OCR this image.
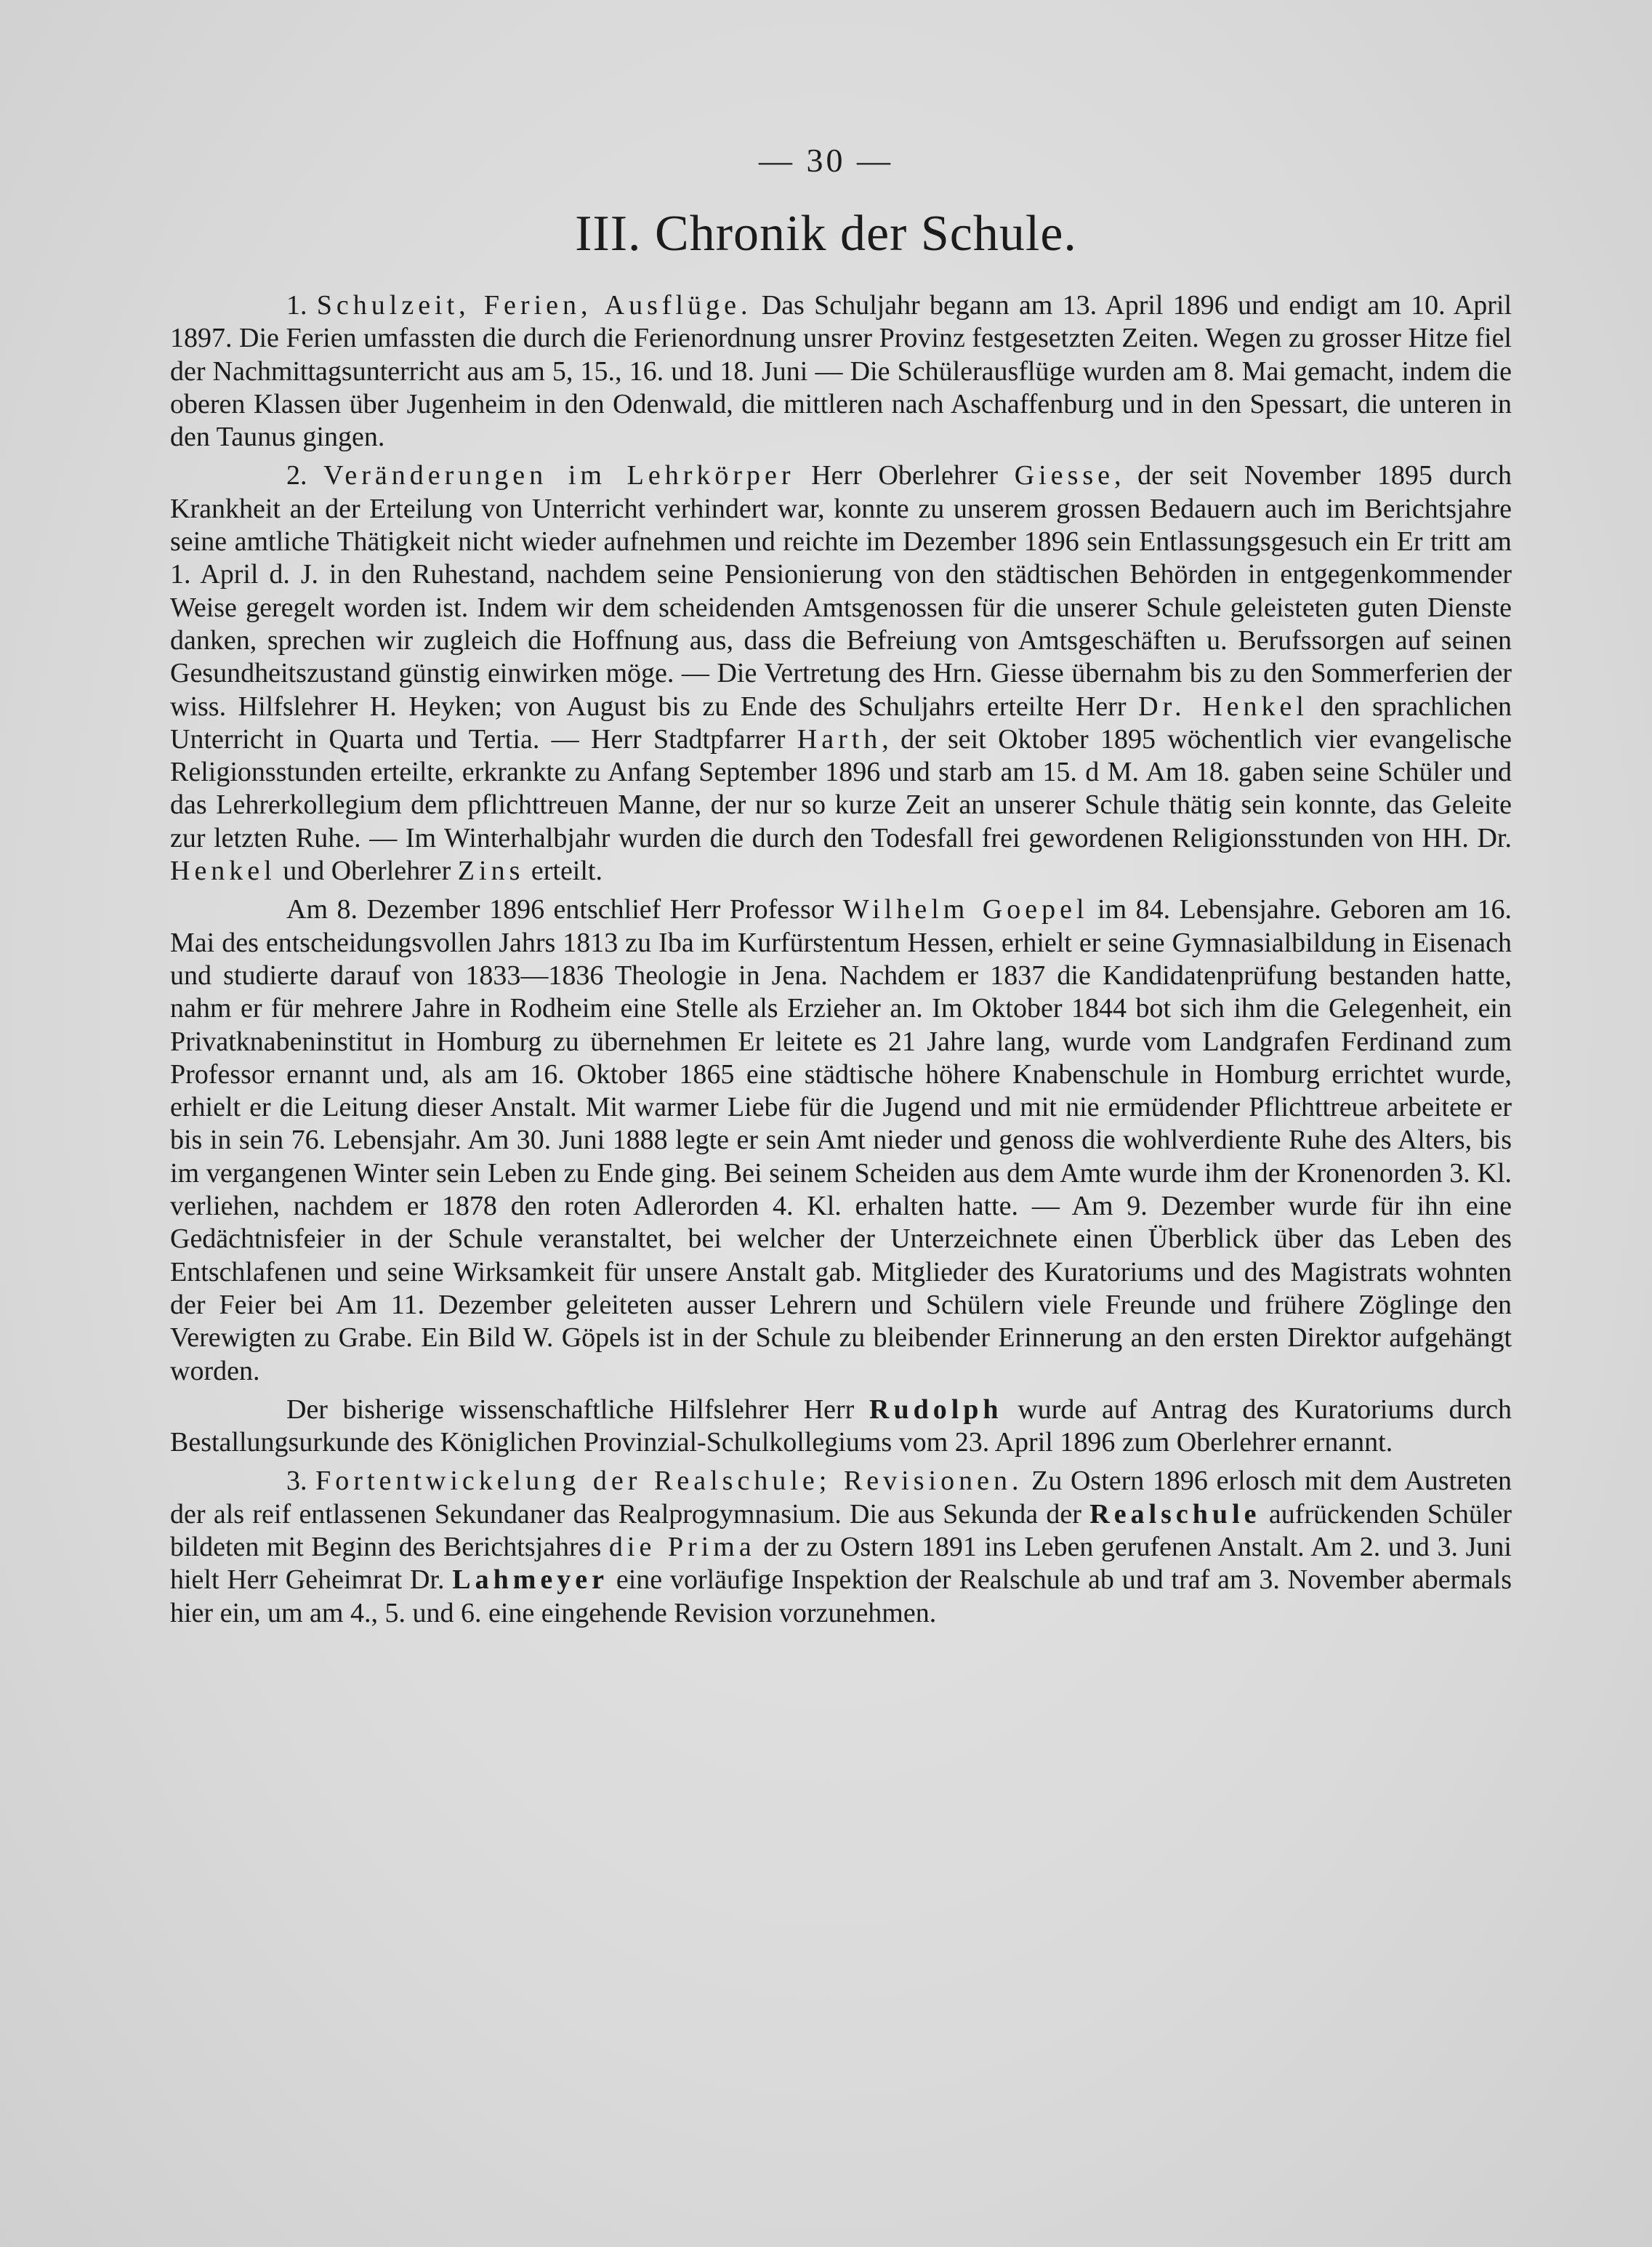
— 30 —
III. Chronik der Schule.

1. Schulzeit, Ferien, Ausflüge. Das Schuljahr begann am 13. April 1896 und endigt am 10. April 1897. Die Ferien umfassten die durch die Ferienordnung unsrer Provinz festgesetzten Zeiten. Wegen zu grosser Hitze fiel der Nachmittagsunterricht aus am 5, 15., 16. und 18. Juni — Die Schülerausflüge wurden am 8. Mai gemacht, indem die oberen Klassen über Jugenheim in den Odenwald, die mittleren nach Aschaffenburg und in den Spessart, die unteren in den Taunus gingen.

2. Veränderungen im Lehrkörper Herr Oberlehrer Giesse, der seit November 1895 durch Krankheit an der Erteilung von Unterricht verhindert war, konnte zu unserem grossen Bedauern auch im Berichtsjahre seine amtliche Thätigkeit nicht wieder aufnehmen und reichte im Dezember 1896 sein Entlassungsgesuch ein Er tritt am 1. April d. J. in den Ruhestand, nachdem seine Pensionierung von den städtischen Behörden in entgegenkommender Weise geregelt worden ist. Indem wir dem scheidenden Amtsgenossen für die unserer Schule geleisteten guten Dienste danken, sprechen wir zugleich die Hoffnung aus, dass die Befreiung von Amtsgeschäften u. Berufssorgen auf seinen Gesundheitszustand günstig einwirken möge. — Die Vertretung des Hrn. Giesse übernahm bis zu den Sommerferien der wiss. Hilfslehrer H. Heyken; von August bis zu Ende des Schuljahrs erteilte Herr Dr. Henkel den sprachlichen Unterricht in Quarta und Tertia. — Herr Stadtpfarrer Harth, der seit Oktober 1895 wöchentlich vier evangelische Religionsstunden erteilte, erkrankte zu Anfang September 1896 und starb am 15. d M. Am 18. gaben seine Schüler und das Lehrerkollegium dem pflichttreuen Manne, der nur so kurze Zeit an unserer Schule thätig sein konnte, das Geleite zur letzten Ruhe. — Im Winterhalbjahr wurden die durch den Todesfall frei gewordenen Religionsstunden von HH. Dr. Henkel und Oberlehrer Zins erteilt.

Am 8. Dezember 1896 entschlief Herr Professor Wilhelm Goepel im 84. Lebensjahre. Geboren am 16. Mai des entscheidungsvollen Jahrs 1813 zu Iba im Kurfürstentum Hessen, erhielt er seine Gymnasialbildung in Eisenach und studierte darauf von 1833—1836 Theologie in Jena. Nachdem er 1837 die Kandidatenprüfung bestanden hatte, nahm er für mehrere Jahre in Rodheim eine Stelle als Erzieher an. Im Oktober 1844 bot sich ihm die Gelegenheit, ein Privatknabeninstitut in Homburg zu übernehmen Er leitete es 21 Jahre lang, wurde vom Landgrafen Ferdinand zum Professor ernannt und, als am 16. Oktober 1865 eine städtische höhere Knabenschule in Homburg errichtet wurde, erhielt er die Leitung dieser Anstalt. Mit warmer Liebe für die Jugend und mit nie ermüdender Pflichttreue arbeitete er bis in sein 76. Lebensjahr. Am 30. Juni 1888 legte er sein Amt nieder und genoss die wohlverdiente Ruhe des Alters, bis im vergangenen Winter sein Leben zu Ende ging. Bei seinem Scheiden aus dem Amte wurde ihm der Kronenorden 3. Kl. verliehen, nachdem er 1878 den roten Adlerorden 4. Kl. erhalten hatte. — Am 9. Dezember wurde für ihn eine Gedächtnisfeier in der Schule veranstaltet, bei welcher der Unterzeichnete einen Überblick über das Leben des Entschlafenen und seine Wirksamkeit für unsere Anstalt gab. Mitglieder des Kuratoriums und des Magistrats wohnten der Feier bei Am 11. Dezember geleiteten ausser Lehrern und Schülern viele Freunde und frühere Zöglinge den Verewigten zu Grabe. Ein Bild W. Göpels ist in der Schule zu bleibender Erinnerung an den ersten Direktor aufgehängt worden.

Der bisherige wissenschaftliche Hilfslehrer Herr Rudolph wurde auf Antrag des Kuratoriums durch Bestallungsurkunde des Königlichen Provinzial-Schulkollegiums vom 23. April 1896 zum Oberlehrer ernannt.

3. Fortentwickelung der Realschule; Revisionen. Zu Ostern 1896 erlosch mit dem Austreten der als reif entlassenen Sekundaner das Realprogymnasium. Die aus Sekunda der Realschule aufrückenden Schüler bildeten mit Beginn des Berichtsjahres die Prima der zu Ostern 1891 ins Leben gerufenen Anstalt. Am 2. und 3. Juni hielt Herr Geheimrat Dr. Lahmeyer eine vorläufige Inspektion der Realschule ab und traf am 3. November abermals hier ein, um am 4., 5. und 6. eine eingehende Revision vorzunehmen.
